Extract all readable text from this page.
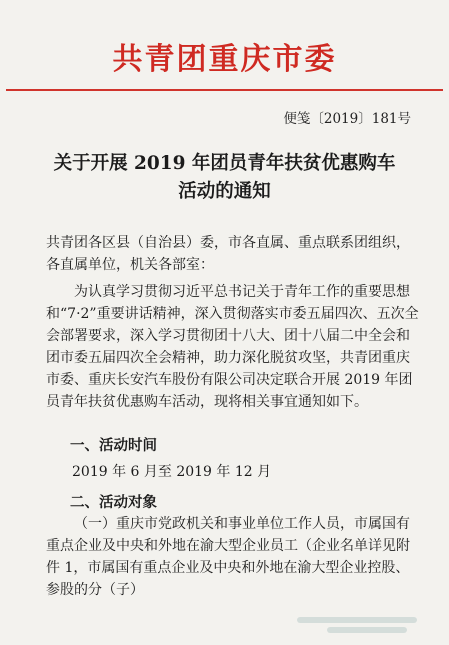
共青团重庆市委
便笺〔2019〕181号
关于开展 2019 年团员青年扶贫优惠购车
活动的通知
共青团各区县（自治县）委，市各直属、重点联系团组织，各直属单位，机关各部室：
为认真学习贯彻习近平总书记关于青年工作的重要思想和“7·2”重要讲话精神，深入贯彻落实市委五届四次、五次全会部署要求，深入学习贯彻团十八大、团十八届二中全会和团市委五届四次全会精神，助力深化脱贫攻坚，共青团重庆市委、重庆长安汽车股份有限公司决定联合开展 2019 年团员青年扶贫优惠购车活动，现将相关事宜通知如下。
一、活动时间
2019 年 6 月至 2019 年 12 月
二、活动对象
（一）重庆市党政机关和事业单位工作人员，市属国有重点企业及中央和外地在渝大型企业员工（企业名单详见附件 1，市属国有重点企业及中央和外地在渝大型企业控股、参股的分（子）
